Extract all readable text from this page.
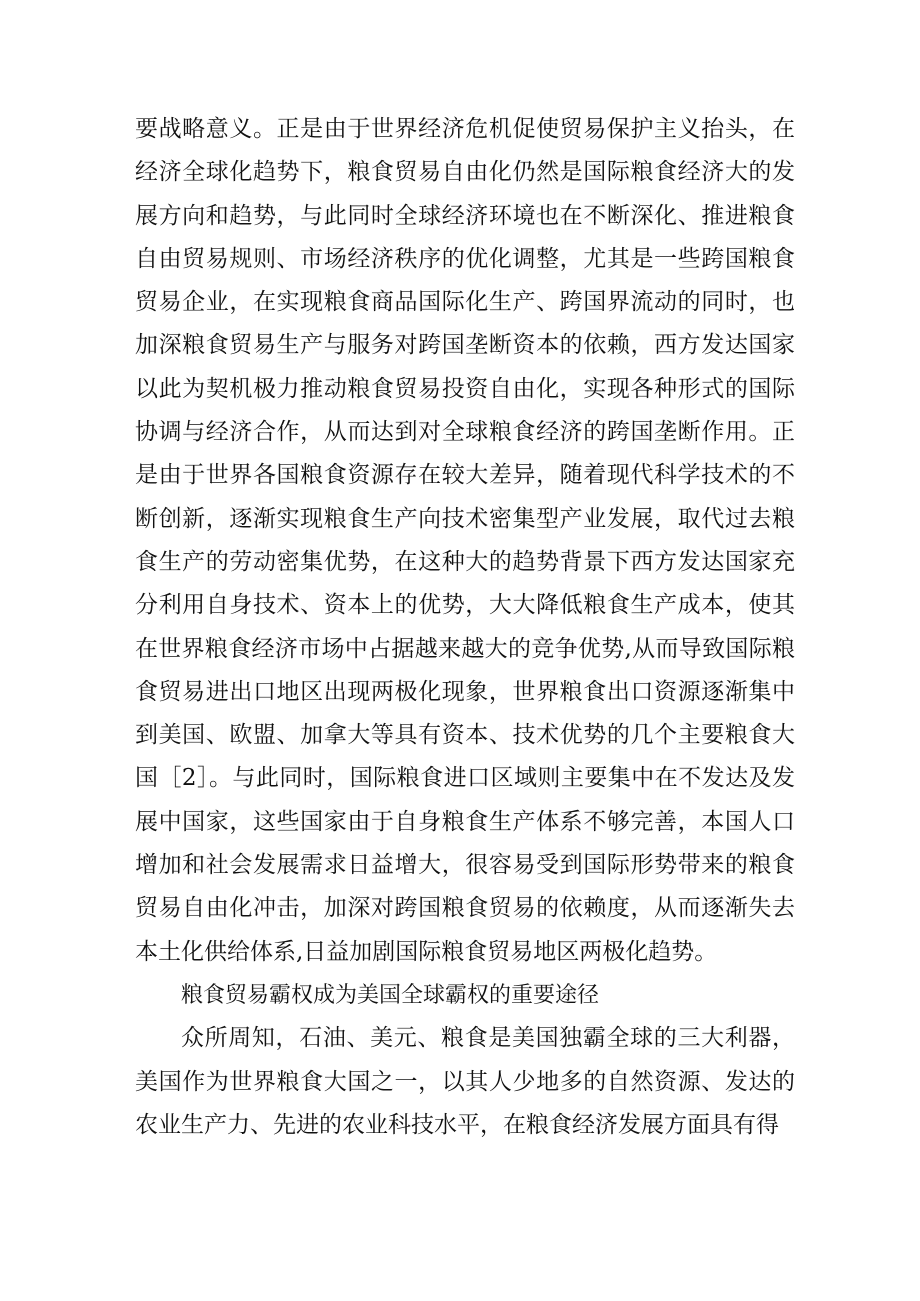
要战略意义。正是由于世界经济危机促使贸易保护主义抬头，在经济全球化趋势下，粮食贸易自由化仍然是国际粮食经济大的发展方向和趋势，与此同时全球经济环境也在不断深化、推进粮食自由贸易规则、市场经济秩序的优化调整，尤其是一些跨国粮食贸易企业，在实现粮食商品国际化生产、跨国界流动的同时，也加深粮食贸易生产与服务对跨国垄断资本的依赖，西方发达国家以此为契机极力推动粮食贸易投资自由化，实现各种形式的国际协调与经济合作，从而达到对全球粮食经济的跨国垄断作用。正是由于世界各国粮食资源存在较大差异，随着现代科学技术的不断创新，逐渐实现粮食生产向技术密集型产业发展，取代过去粮食生产的劳动密集优势，在这种大的趋势背景下西方发达国家充分利用自身技术、资本上的优势，大大降低粮食生产成本，使其在世界粮食经济市场中占据越来越大的竞争优势,从而导致国际粮食贸易进出口地区出现两极化现象，世界粮食出口资源逐渐集中到美国、欧盟、加拿大等具有资本、技术优势的几个主要粮食大国［2］。与此同时，国际粮食进口区域则主要集中在不发达及发展中国家，这些国家由于自身粮食生产体系不够完善，本国人口增加和社会发展需求日益增大，很容易受到国际形势带来的粮食贸易自由化冲击，加深对跨国粮食贸易的依赖度，从而逐渐失去本土化供给体系,日益加剧国际粮食贸易地区两极化趋势。

粮食贸易霸权成为美国全球霸权的重要途径

众所周知，石油、美元、粮食是美国独霸全球的三大利器，美国作为世界粮食大国之一，以其人少地多的自然资源、发达的农业生产力、先进的农业科技水平，在粮食经济发展方面具有得
